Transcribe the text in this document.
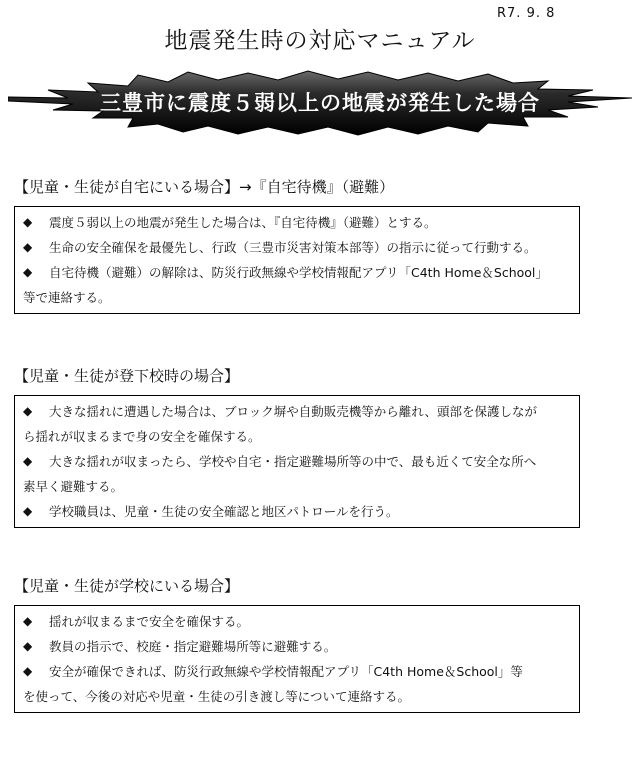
R7. 9. 8
地震発生時の対応マニュアル
三豊市に震度５弱以上の地震が発生した場合
【児童・生徒が自宅にいる場合】→『自宅待機』（避難）
◆	震度５弱以上の地震が発生した場合は、『自宅待機』（避難）とする。
◆	生命の安全確保を最優先し、行政（三豊市災害対策本部等）の指示に従って行動する。
◆	自宅待機（避難）の解除は、防災行政無線や学校情報配アプリ「C4th Home＆School」
等で連絡する。
【児童・生徒が登下校時の場合】
◆	大きな揺れに遭遇した場合は、ブロック塀や自動販売機等から離れ、頭部を保護しなが
ら揺れが収まるまで身の安全を確保する。
◆	大きな揺れが収まったら、学校や自宅・指定避難場所等の中で、最も近くて安全な所へ
素早く避難する。
◆	学校職員は、児童・生徒の安全確認と地区パトロールを行う。
【児童・生徒が学校にいる場合】
◆	揺れが収まるまで安全を確保する。
◆	教員の指示で、校庭・指定避難場所等に避難する。
◆	安全が確保できれば、防災行政無線や学校情報配アプリ「C4th Home＆School」等
を使って、今後の対応や児童・生徒の引き渡し等について連絡する。
